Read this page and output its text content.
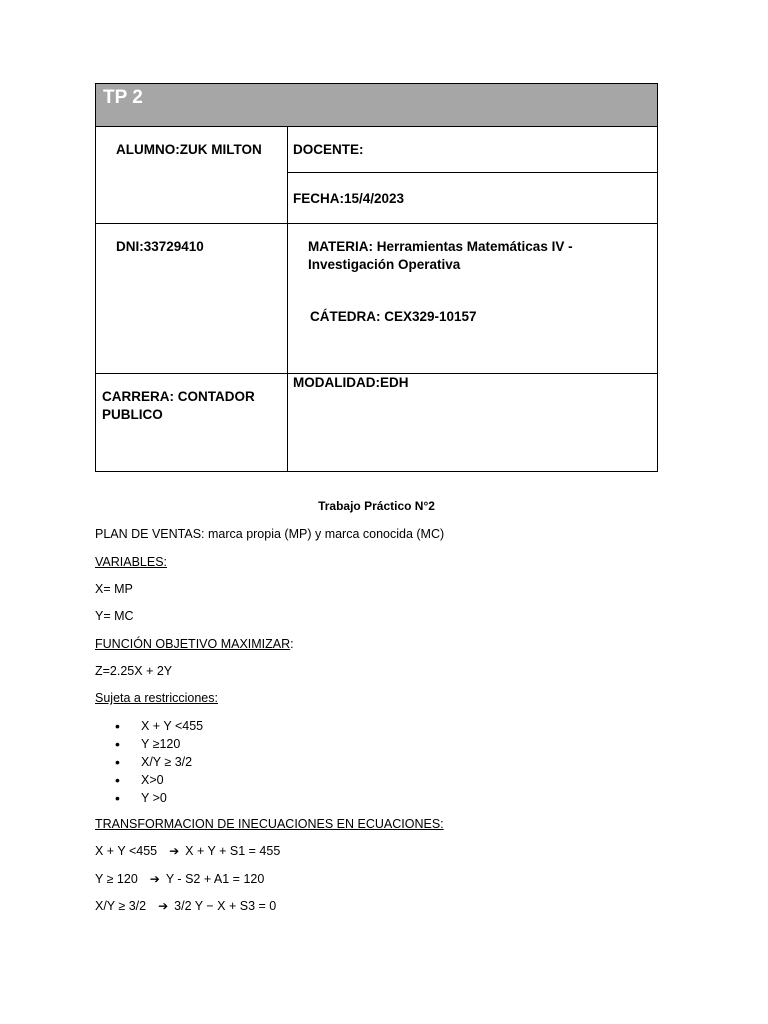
TP 2
ALUMNO:ZUK MILTON DOCENTE:
FECHA:15/4/2023
DNI:33729410	MATERIA: Herramientas Matemáticas IV -
Investigación Operativa
CÁTEDRA: CEX329-10157
CARRERA: CONTADOR
PUBLICO
MODALIDAD:EDH
Trabajo Práctico N°2
PLAN DE VENTAS: marca propia (MP) y marca conocida (MC)
VARIABLES:
X= MP
Y= MC
FUNCIÓN OBJETIVO MAXIMIZAR:
Z=2.25X + 2Y
Sujeta a restricciones:
• X + Y <455
• Y ≥120
• X/Y ≥ 3/2
• X>0
• Y >0
TRANSFORMACION DE INECUACIONES EN ECUACIONES:
X + Y <455 ➔ X + Y + S1 = 455
Y ≥ 120 ➔ Y - S2 + A1 = 120
X/Y ≥ 3/2 ➔ 3/2 Y − X + S3 = 0
